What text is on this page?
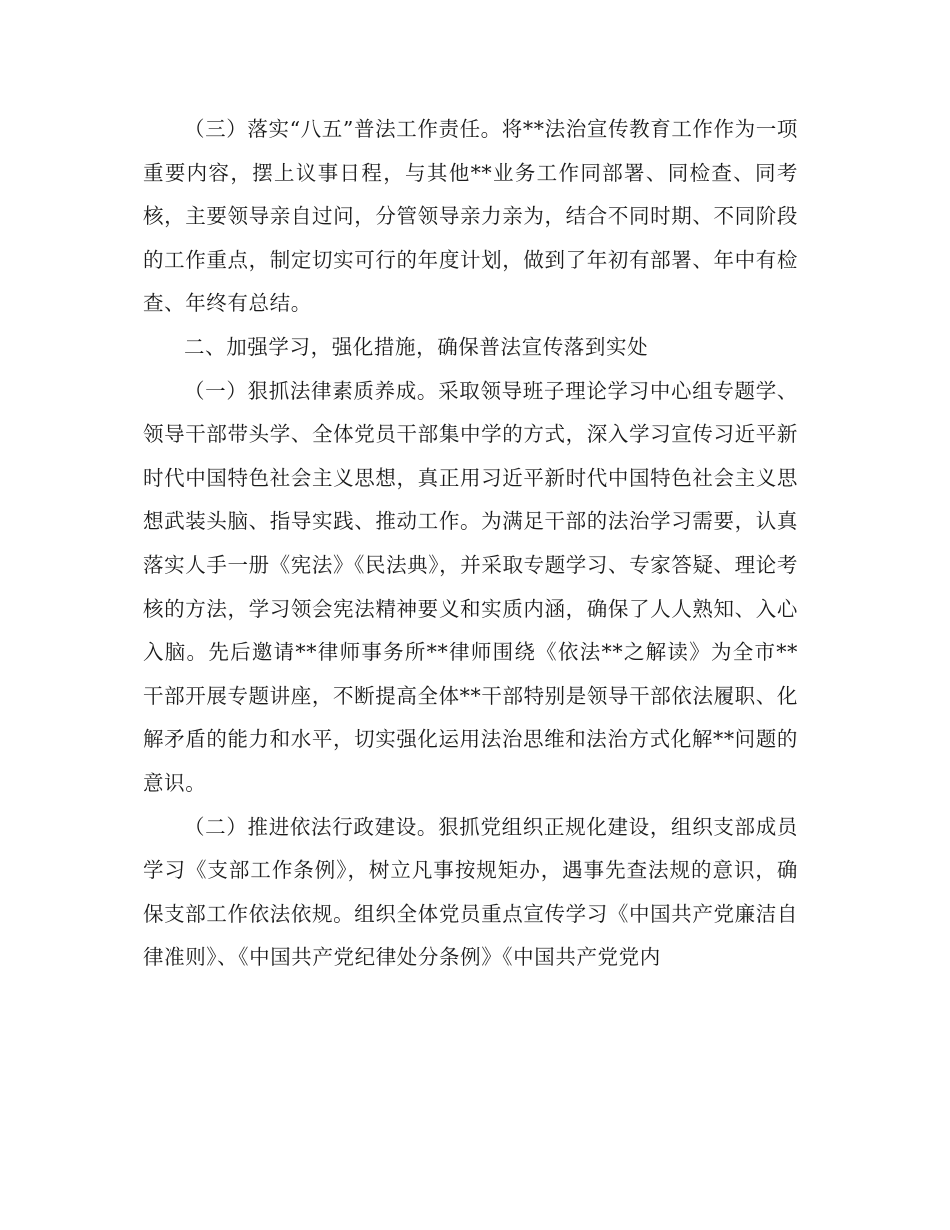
（三）落实“八五”普法工作责任。将**法治宣传教育工作作为一项重要内容，摆上议事日程，与其他**业务工作同部署、同检查、同考核，主要领导亲自过问，分管领导亲力亲为，结合不同时期、不同阶段的工作重点，制定切实可行的年度计划，做到了年初有部署、年中有检查、年终有总结。

二、加强学习，强化措施，确保普法宣传落到实处

（一）狠抓法律素质养成。采取领导班子理论学习中心组专题学、领导干部带头学、全体党员干部集中学的方式，深入学习宣传习近平新时代中国特色社会主义思想，真正用习近平新时代中国特色社会主义思想武装头脑、指导实践、推动工作。为满足干部的法治学习需要，认真落实人手一册《宪法》《民法典》，并采取专题学习、专家答疑、理论考核的方法，学习领会宪法精神要义和实质内涵，确保了人人熟知、入心入脑。先后邀请**律师事务所**律师围绕《依法**之解读》为全市**干部开展专题讲座，不断提高全体**干部特别是领导干部依法履职、化解矛盾的能力和水平，切实强化运用法治思维和法治方式化解**问题的意识。

（二）推进依法行政建设。狠抓党组织正规化建设，组织支部成员学习《支部工作条例》，树立凡事按规矩办，遇事先查法规的意识，确保支部工作依法依规。组织全体党员重点宣传学习《中国共产党廉洁自律准则》、《中国共产党纪律处分条例》《中国共产党党内
